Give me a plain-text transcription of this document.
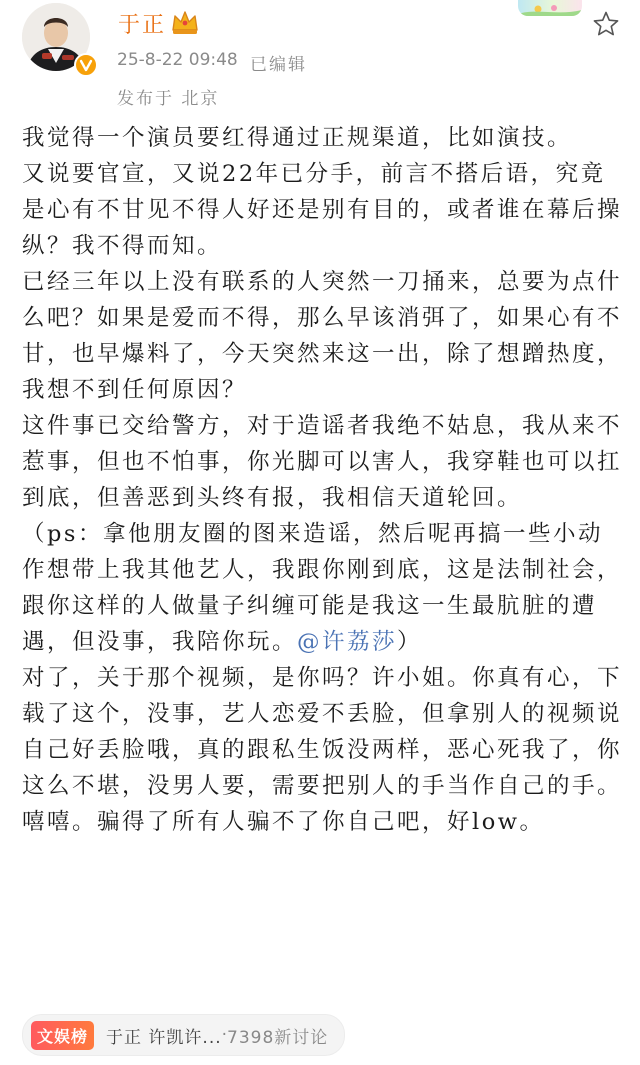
于正
25-8-22 09:48 已编辑
发布于 北京

我觉得一个演员要红得通过正规渠道，比如演技。

又说要官宣，又说22年已分手，前言不搭后语，究竟是心有不甘见不得人好还是别有目的，或者谁在幕后操纵？我不得而知。

已经三年以上没有联系的人突然一刀捅来，总要为点什么吧？如果是爱而不得，那么早该消弭了，如果心有不甘，也早爆料了，今天突然来这一出，除了想蹭热度，我想不到任何原因？

这件事已交给警方，对于造谣者我绝不姑息，我从来不惹事，但也不怕事，你光脚可以害人，我穿鞋也可以扛到底，但善恶到头终有报，我相信天道轮回。

（ps：拿他朋友圈的图来造谣，然后呢再搞一些小动作想带上我其他艺人，我跟你刚到底，这是法制社会，跟你这样的人做量子纠缠可能是我这一生最肮脏的遭遇，但没事，我陪你玩。@许荔莎）

对了，关于那个视频，是你吗？许小姐。你真有心，下载了这个，没事，艺人恋爱不丢脸，但拿别人的视频说自己好丢脸哦，真的跟私生饭没两样，恶心死我了，你这么不堪，没男人要，需要把别人的手当作自己的手。嘻嘻。骗得了所有人骗不了你自己吧，好low。

文娱榜	于正 许凯许... · 7398新讨论
